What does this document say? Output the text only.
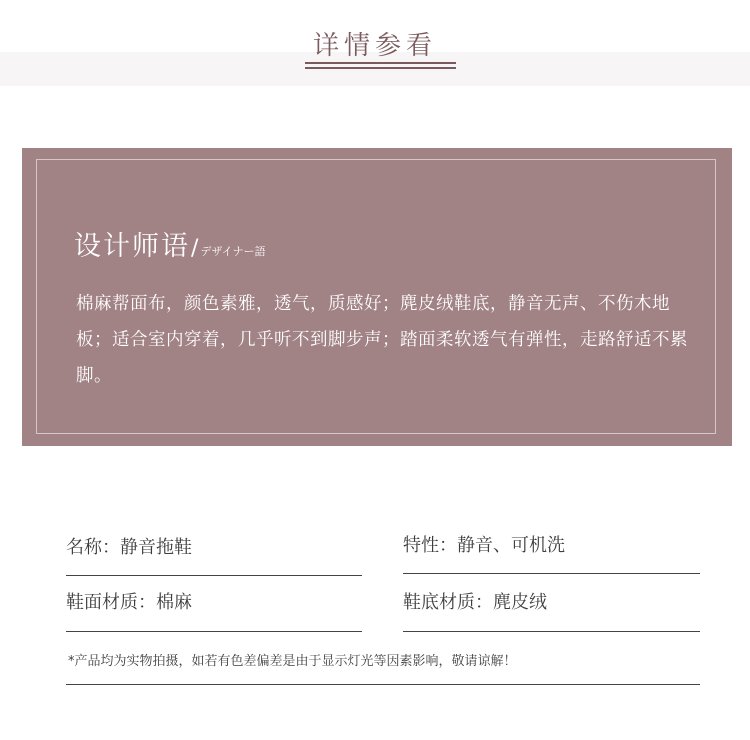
详情参看
设计师语/ デザイナー語
棉麻帮面布，颜色素雅，透气，质感好；麂皮绒鞋底，静音无声、不伤木地板；适合室内穿着，几乎听不到脚步声；踏面柔软透气有弹性，走路舒适不累脚。
名称：静音拖鞋	特性：静音、可机洗
鞋面材质：棉麻	鞋底材质：麂皮绒
*产品均为实物拍摄，如若有色差偏差是由于显示灯光等因素影响，敬请谅解！
